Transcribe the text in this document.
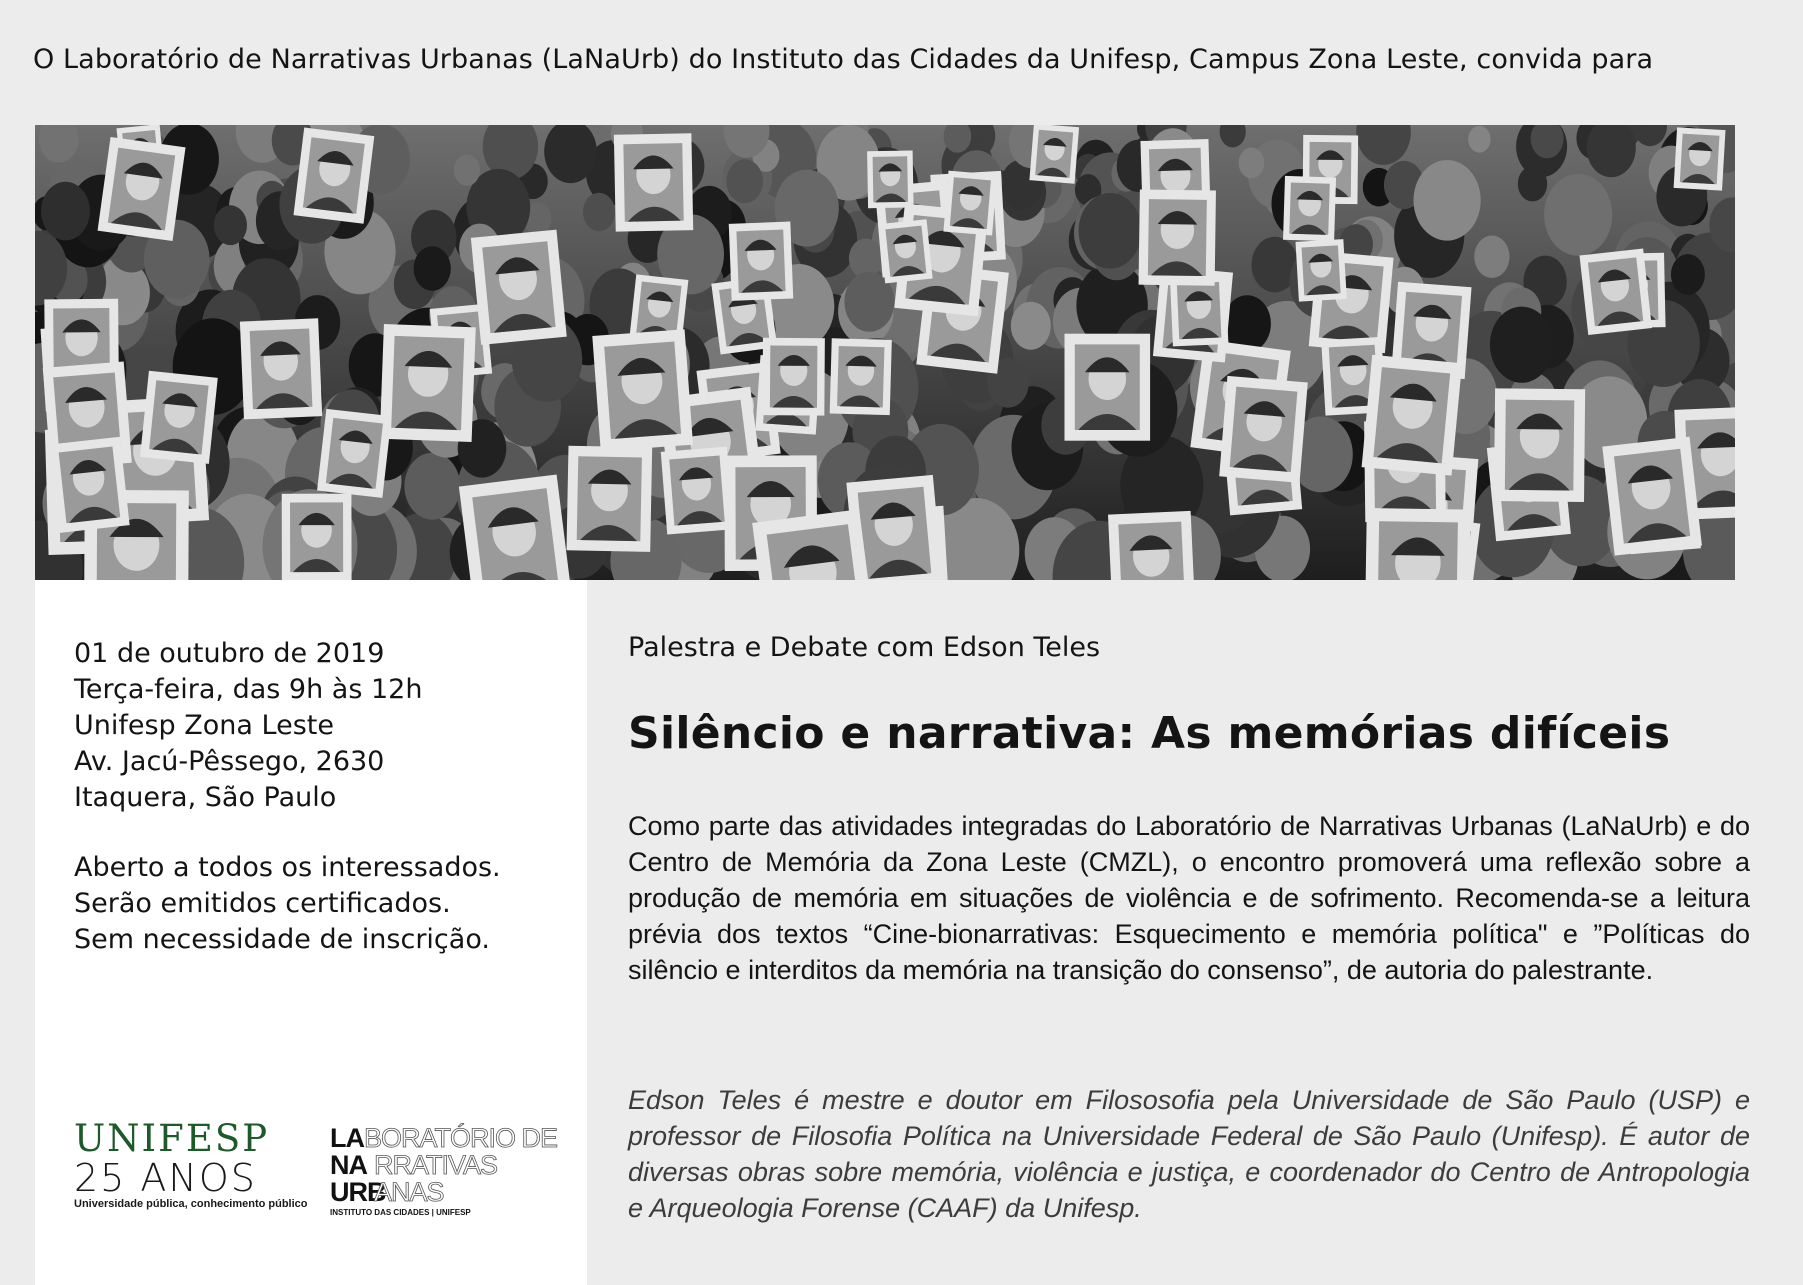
O Laboratório de Narrativas Urbanas (LaNaUrb) do Instituto das Cidades da Unifesp, Campus Zona Leste, convida para
01 de outubro de 2019
Terça-feira, das 9h às 12h
Unifesp Zona Leste
Av. Jacú-Pêssego, 2630
Itaquera, São Paulo
Aberto a todos os interessados.
Serão emitidos certificados.
Sem necessidade de inscrição.
UNIFESP
25 ANOS
Universidade pública, conhecimento público
LA BORATÓRIO DE
NA RRATIVAS
URB
ANAS
INSTITUTO DAS CIDADES | UNIFESP
Palestra e Debate com Edson Teles
Silêncio e narrativa: As memórias difíceis
Como parte das atividades integradas do Laboratório de Narrativas Urbanas (LaNaUrb) e do Centro de Memória da Zona Leste (CMZL), o encontro promoverá uma reflexão sobre a produção de memória em situações de violência e de sofrimento. Recomenda-se a leitura prévia dos textos “Cine-bionarrativas: Esquecimento e memória política" e ”Políticas do silêncio e interditos da memória na transição do consenso”, de autoria do palestrante.
Edson Teles é mestre e doutor em Filososofia pela Universidade de São Paulo (USP) e professor de Filosofia Política na Universidade Federal de São Paulo (Unifesp). É autor de diversas obras sobre memória, violência e justiça, e coordenador do Centro de Antropologia e Arqueologia Forense (CAAF) da Unifesp.
